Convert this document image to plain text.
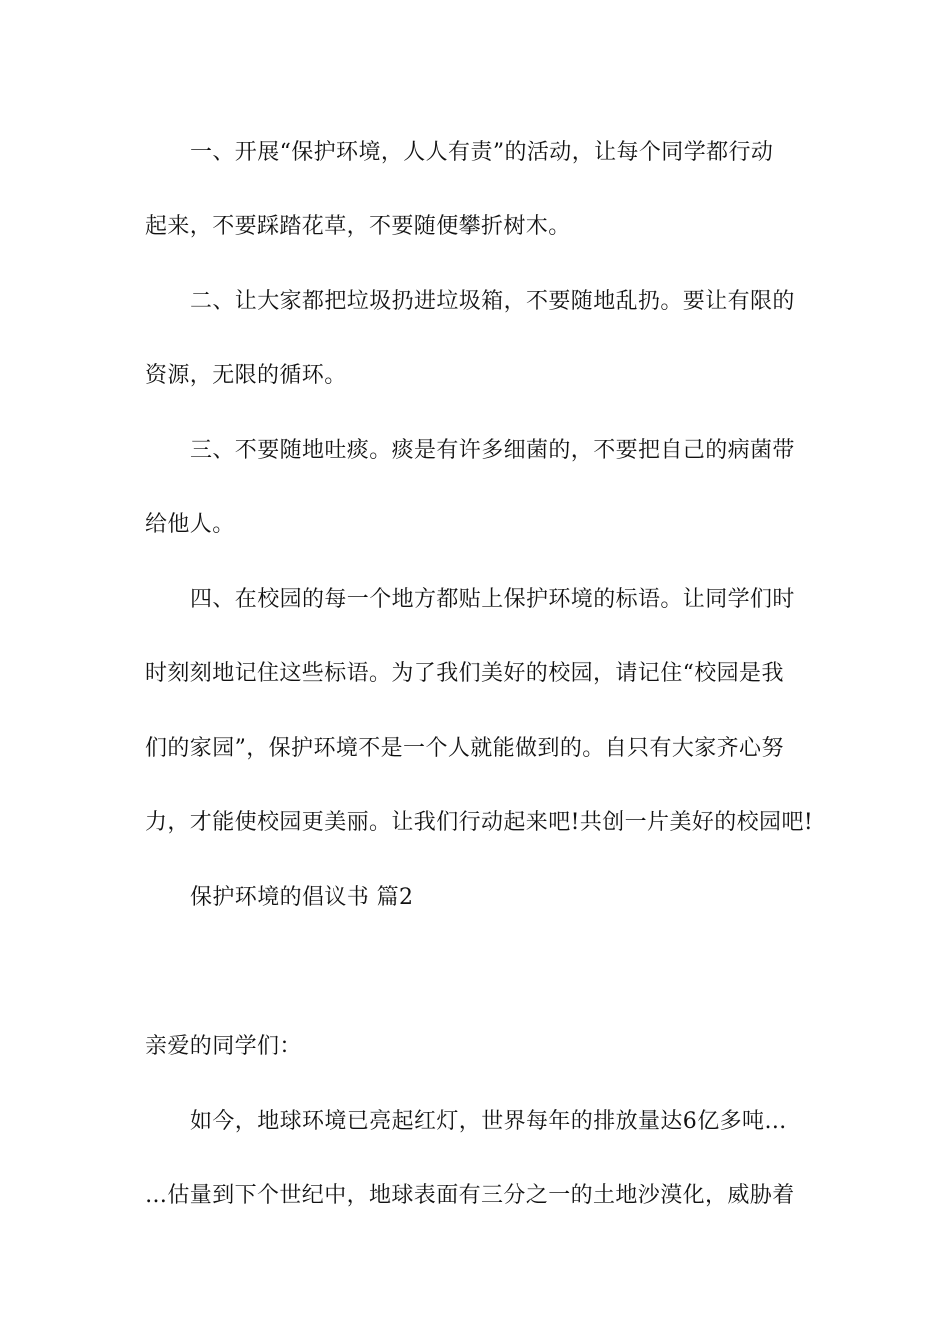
一、开展“保护环境，人人有责”的活动，让每个同学都行动
起来，不要踩踏花草，不要随便攀折树木。
二、让大家都把垃圾扔进垃圾箱，不要随地乱扔。要让有限的
资源，无限的循环。
三、不要随地吐痰。痰是有许多细菌的，不要把自己的病菌带
给他人。
四、在校园的每一个地方都贴上保护环境的标语。让同学们时
时刻刻地记住这些标语。为了我们美好的校园，请记住“校园是我
们的家园”，保护环境不是一个人就能做到的。自只有大家齐心努
力，才能使校园更美丽。让我们行动起来吧!共创一片美好的校园吧!
保护环境的倡议书 篇2
亲爱的同学们：
如今，地球环境已亮起红灯，世界每年的排放量达6亿多吨…
…估量到下个世纪中，地球表面有三分之一的土地沙漠化，威胁着
